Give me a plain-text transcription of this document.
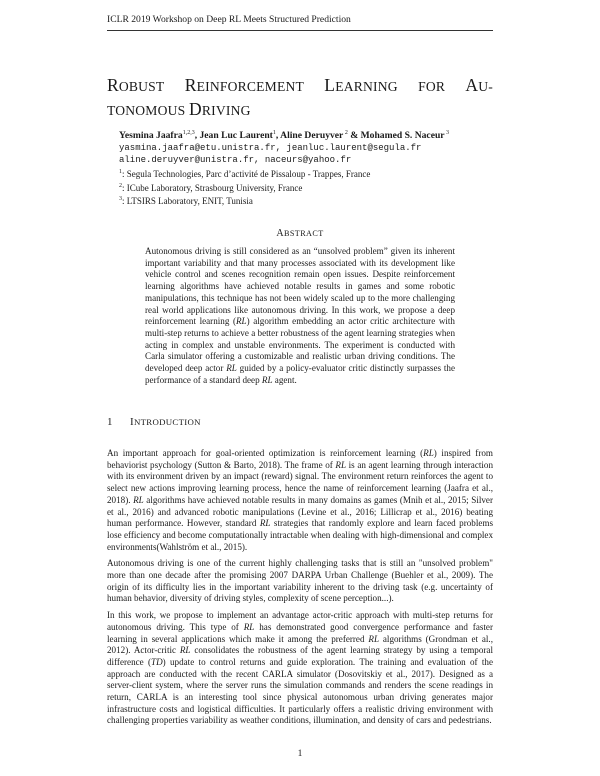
ICLR 2019 Workshop on Deep RL Meets Structured Prediction
ROBUST REINFORCEMENT LEARNING FOR AU-
TONOMOUS DRIVING
Yesmina Jaafra$^{1,2,3}$, Jean Luc Laurent$^1$, Aline Deruyver $^2$ & Mohamed S. Naceur $^3$
yasmina.jaafra@etu.unistra.fr, jeanluc.laurent@segula.fr
aline.deruyver@unistra.fr, naceurs@yahoo.fr
$^1$: Segula Technologies, Parc d’activité de Pissaloup - Trappes, France
$^2$: ICube Laboratory, Strasbourg University, France
$^3$: LTSIRS Laboratory, ENIT, Tunisia
ABSTRACT
Autonomous driving is still considered as an “unsolved problem” given its inherent important variability and that many processes associated with its development like vehicle control and scenes recognition remain open issues. Despite reinforcement learning algorithms have achieved notable results in games and some robotic manipulations, this technique has not been widely scaled up to the more challenging real world applications like autonomous driving. In this work, we propose a deep reinforcement learning (RL) algorithm embedding an actor critic architecture with multi-step returns to achieve a better robustness of the agent learning strategies when acting in complex and unstable environments. The experiment is conducted with Carla simulator offering a customizable and realistic urban driving conditions. The developed deep actor RL guided by a policy-evaluator critic distinctly surpasses the performance of a standard deep RL agent.
1 INTRODUCTION

An important approach for goal-oriented optimization is reinforcement learning (RL) inspired from behaviorist psychology (Sutton & Barto, 2018). The frame of RL is an agent learning through interaction with its environment driven by an impact (reward) signal. The environment return reinforces the agent to select new actions improving learning process, hence the name of reinforcement learning (Jaafra et al., 2018). RL algorithms have achieved notable results in many domains as games (Mnih et al., 2015; Silver et al., 2016) and advanced robotic manipulations (Levine et al., 2016; Lillicrap et al., 2016) beating human performance. However, standard RL strategies that randomly explore and learn faced problems lose efficiency and become computationally intractable when dealing with high-dimensional and complex environments(Wahlström et al., 2015).

Autonomous driving is one of the current highly challenging tasks that is still an "unsolved problem" more than one decade after the promising 2007 DARPA Urban Challenge (Buehler et al., 2009). The origin of its difficulty lies in the important variability inherent to the driving task (e.g. uncertainty of human behavior, diversity of driving styles, complexity of scene perception...).

In this work, we propose to implement an advantage actor-critic approach with multi-step returns for autonomous driving. This type of RL has demonstrated good convergence performance and faster learning in several applications which make it among the preferred RL algorithms (Grondman et al., 2012). Actor-critic RL consolidates the robustness of the agent learning strategy by using a temporal difference (TD) update to control returns and guide exploration. The training and evaluation of the approach are conducted with the recent CARLA simulator (Dosovitskiy et al., 2017). Designed as a server-client system, where the server runs the simulation commands and renders the scene readings in return, CARLA is an interesting tool since physical autonomous urban driving generates major infrastructure costs and logistical difficulties. It particularly offers a realistic driving environment with challenging properties variability as weather conditions, illumination, and density of cars and pedestrians.

1
